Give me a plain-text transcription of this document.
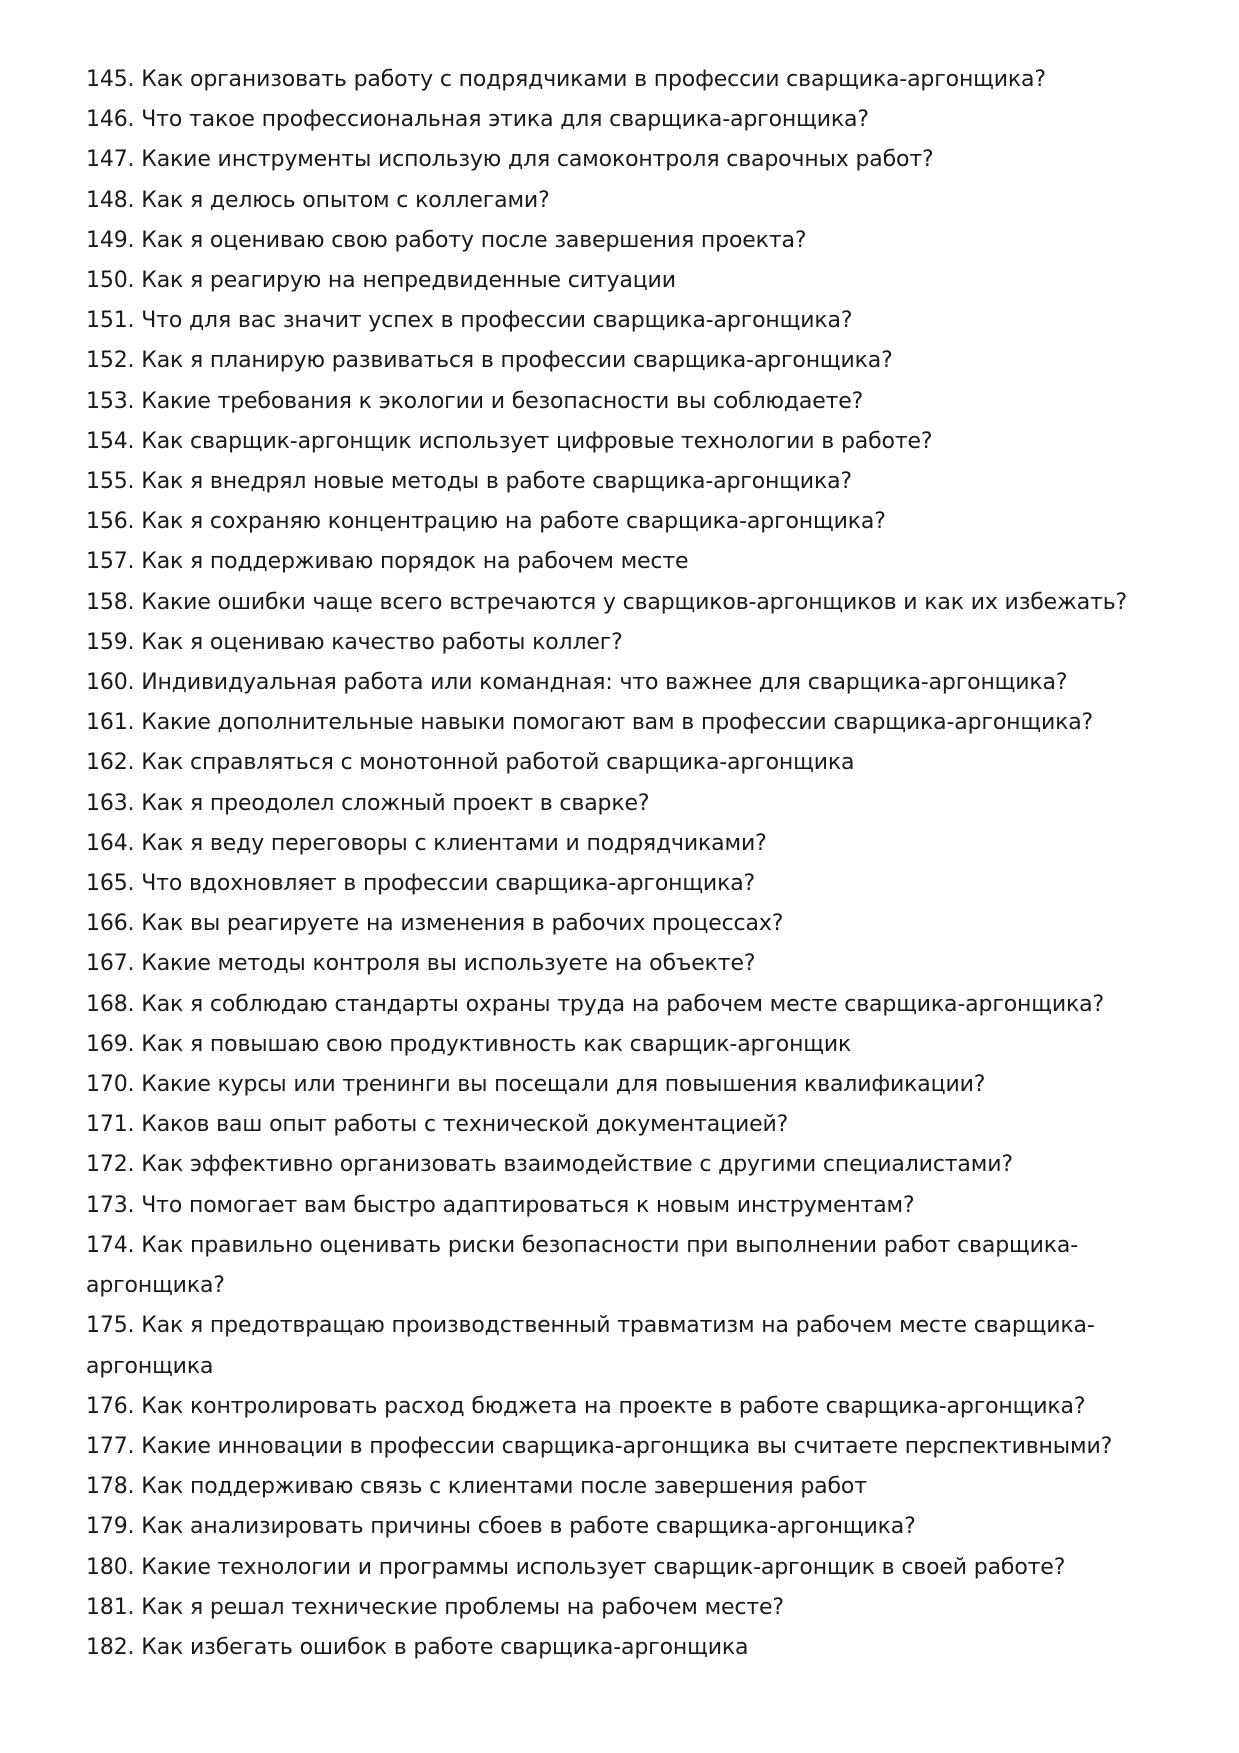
145. Как организовать работу с подрядчиками в профессии сварщика-аргонщика?
146. Что такое профессиональная этика для сварщика-аргонщика?
147. Какие инструменты использую для самоконтроля сварочных работ?
148. Как я делюсь опытом с коллегами?
149. Как я оцениваю свою работу после завершения проекта?
150. Как я реагирую на непредвиденные ситуации
151. Что для вас значит успех в профессии сварщика-аргонщика?
152. Как я планирую развиваться в профессии сварщика-аргонщика?
153. Какие требования к экологии и безопасности вы соблюдаете?
154. Как сварщик-аргонщик использует цифровые технологии в работе?
155. Как я внедрял новые методы в работе сварщика-аргонщика?
156. Как я сохраняю концентрацию на работе сварщика-аргонщика?
157. Как я поддерживаю порядок на рабочем месте
158. Какие ошибки чаще всего встречаются у сварщиков-аргонщиков и как их избежать?
159. Как я оцениваю качество работы коллег?
160. Индивидуальная работа или командная: что важнее для сварщика-аргонщика?
161. Какие дополнительные навыки помогают вам в профессии сварщика-аргонщика?
162. Как справляться с монотонной работой сварщика-аргонщика
163. Как я преодолел сложный проект в сварке?
164. Как я веду переговоры с клиентами и подрядчиками?
165. Что вдохновляет в профессии сварщика-аргонщика?
166. Как вы реагируете на изменения в рабочих процессах?
167. Какие методы контроля вы используете на объекте?
168. Как я соблюдаю стандарты охраны труда на рабочем месте сварщика-аргонщика?
169. Как я повышаю свою продуктивность как сварщик-аргонщик
170. Какие курсы или тренинги вы посещали для повышения квалификации?
171. Каков ваш опыт работы с технической документацией?
172. Как эффективно организовать взаимодействие с другими специалистами?
173. Что помогает вам быстро адаптироваться к новым инструментам?
174. Как правильно оценивать риски безопасности при выполнении работ сварщика-аргонщика?
175. Как я предотвращаю производственный травматизм на рабочем месте сварщика-аргонщика
176. Как контролировать расход бюджета на проекте в работе сварщика-аргонщика?
177. Какие инновации в профессии сварщика-аргонщика вы считаете перспективными?
178. Как поддерживаю связь с клиентами после завершения работ
179. Как анализировать причины сбоев в работе сварщика-аргонщика?
180. Какие технологии и программы использует сварщик-аргонщик в своей работе?
181. Как я решал технические проблемы на рабочем месте?
182. Как избегать ошибок в работе сварщика-аргонщика
